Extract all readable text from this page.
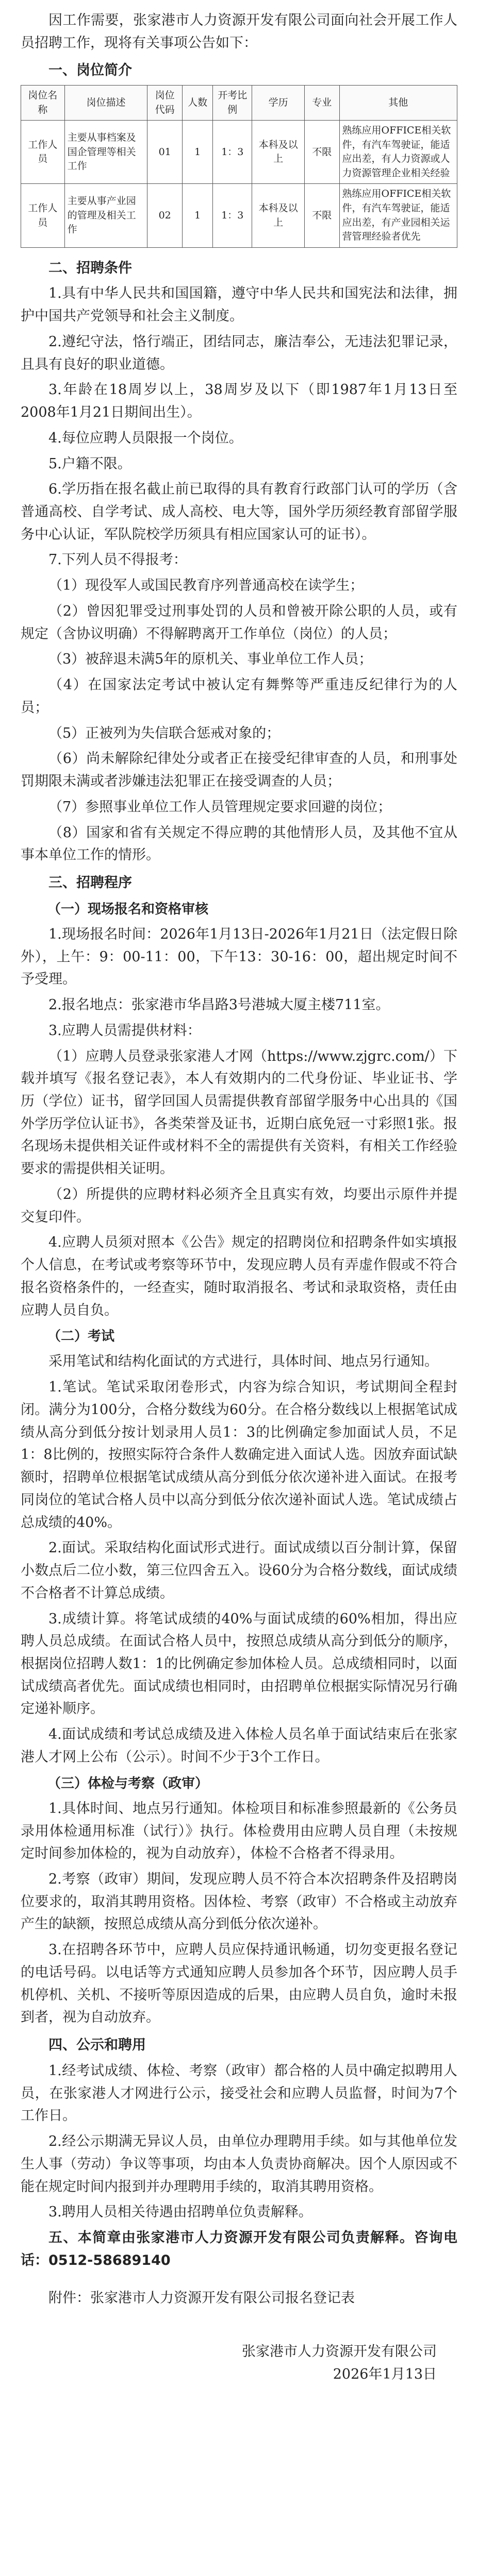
因工作需要，张家港市人力资源开发有限公司面向社会开展工作人员招聘工作，现将有关事项公告如下：

一、岗位简介
岗位名称	岗位描述	岗位代码	人数	开考比例	学历	专业	其他
工作人员	主要从事档案及国企管理等相关工作	01	1	1：3	本科及以上	不限	熟练应用OFFICE相关软件，有汽车驾驶证，能适应出差，有人力资源或人力资源管理企业相关经验
工作人员	主要从事产业园的管理及相关工作	02	1	1：3	本科及以上	不限	熟练应用OFFICE相关软件，有汽车驾驶证，能适应出差，有产业园相关运营管理经验者优先
二、招聘条件

1.具有中华人民共和国国籍，遵守中华人民共和国宪法和法律，拥护中国共产党领导和社会主义制度。

2.遵纪守法，恪行端正，团结同志，廉洁奉公，无违法犯罪记录，且具有良好的职业道德。

3.年龄在18周岁以上，38周岁及以下（即1987年1月13日至2008年1月21日期间出生）。

4.每位应聘人员限报一个岗位。

5.户籍不限。

6.学历指在报名截止前已取得的具有教育行政部门认可的学历（含普通高校、自学考试、成人高校、电大等，国外学历须经教育部留学服务中心认证，军队院校学历须具有相应国家认可的证书）。

7.下列人员不得报考：

（1）现役军人或国民教育序列普通高校在读学生；

（2）曾因犯罪受过刑事处罚的人员和曾被开除公职的人员，或有规定（含协议明确）不得解聘离开工作单位（岗位）的人员；

（3）被辞退未满5年的原机关、事业单位工作人员；

（4）在国家法定考试中被认定有舞弊等严重违反纪律行为的人员；

（5）正被列为失信联合惩戒对象的；

（6）尚未解除纪律处分或者正在接受纪律审查的人员，和刑事处罚期限未满或者涉嫌违法犯罪正在接受调查的人员；

（7）参照事业单位工作人员管理规定要求回避的岗位；

（8）国家和省有关规定不得应聘的其他情形人员，及其他不宜从事本单位工作的情形。

三、招聘程序
（一）现场报名和资格审核

1.现场报名时间：2026年1月13日-2026年1月21日（法定假日除外），上午：9：00-11：00，下午13：30-16：00，超出规定时间不予受理。

2.报名地点：张家港市华昌路3号港城大厦主楼711室。

3.应聘人员需提供材料：

（1）应聘人员登录张家港人才网（https://www.zjgrc.com/）下载并填写《报名登记表》，本人有效期内的二代身份证、毕业证书、学历（学位）证书，留学回国人员需提供教育部留学服务中心出具的《国外学历学位认证书》，各类荣誉及证书，近期白底免冠一寸彩照1张。报名现场未提供相关证件或材料不全的需提供有关资料，有相关工作经验要求的需提供相关证明。

（2）所提供的应聘材料必须齐全且真实有效，均要出示原件并提交复印件。

4.应聘人员须对照本《公告》规定的招聘岗位和招聘条件如实填报个人信息，在考试或考察等环节中，发现应聘人员有弄虚作假或不符合报名资格条件的，一经查实，随时取消报名、考试和录取资格，责任由应聘人员自负。

（二）考试

采用笔试和结构化面试的方式进行，具体时间、地点另行通知。

1.笔试。笔试采取闭卷形式，内容为综合知识，考试期间全程封闭。满分为100分，合格分数线为60分。在合格分数线以上根据笔试成绩从高分到低分按计划录用人员1：3的比例确定参加面试人员，不足1：8比例的，按照实际符合条件人数确定进入面试人选。因放弃面试缺额时，招聘单位根据笔试成绩从高分到低分依次递补进入面试。在报考同岗位的笔试合格人员中以高分到低分依次递补面试人选。笔试成绩占总成绩的40%。

2.面试。采取结构化面试形式进行。面试成绩以百分制计算，保留小数点后二位小数，第三位四舍五入。设60分为合格分数线，面试成绩不合格者不计算总成绩。

3.成绩计算。将笔试成绩的40%与面试成绩的60%相加，得出应聘人员总成绩。在面试合格人员中，按照总成绩从高分到低分的顺序，根据岗位招聘人数1：1的比例确定参加体检人员。总成绩相同时，以面试成绩高者优先。面试成绩也相同时，由招聘单位根据实际情况另行确定递补顺序。

4.面试成绩和考试总成绩及进入体检人员名单于面试结束后在张家港人才网上公布（公示）。时间不少于3个工作日。

（三）体检与考察（政审）

1.具体时间、地点另行通知。体检项目和标准参照最新的《公务员录用体检通用标准（试行）》执行。体检费用由应聘人员自理（未按规定时间参加体检的，视为自动放弃），体检不合格者不得录用。

2.考察（政审）期间，发现应聘人员不符合本次招聘条件及招聘岗位要求的，取消其聘用资格。因体检、考察（政审）不合格或主动放弃产生的缺额，按照总成绩从高分到低分依次递补。

3.在招聘各环节中，应聘人员应保持通讯畅通，切勿变更报名登记的电话号码。以电话等方式通知应聘人员参加各个环节，因应聘人员手机停机、关机、不接听等原因造成的后果，由应聘人员自负，逾时未报到者，视为自动放弃。

四、公示和聘用

1.经考试成绩、体检、考察（政审）都合格的人员中确定拟聘用人员，在张家港人才网进行公示，接受社会和应聘人员监督，时间为7个工作日。

2.经公示期满无异议人员，由单位办理聘用手续。如与其他单位发生人事（劳动）争议等事项，均由本人负责协商解决。因个人原因或不能在规定时间内报到并办理聘用手续的，取消其聘用资格。

3.聘用人员相关待遇由招聘单位负责解释。

五、本简章由张家港市人力资源开发有限公司负责解释。咨询电话：0512-58689140

附件：张家港市人力资源开发有限公司报名登记表

张家港市人力资源开发有限公司

2026年1月13日
